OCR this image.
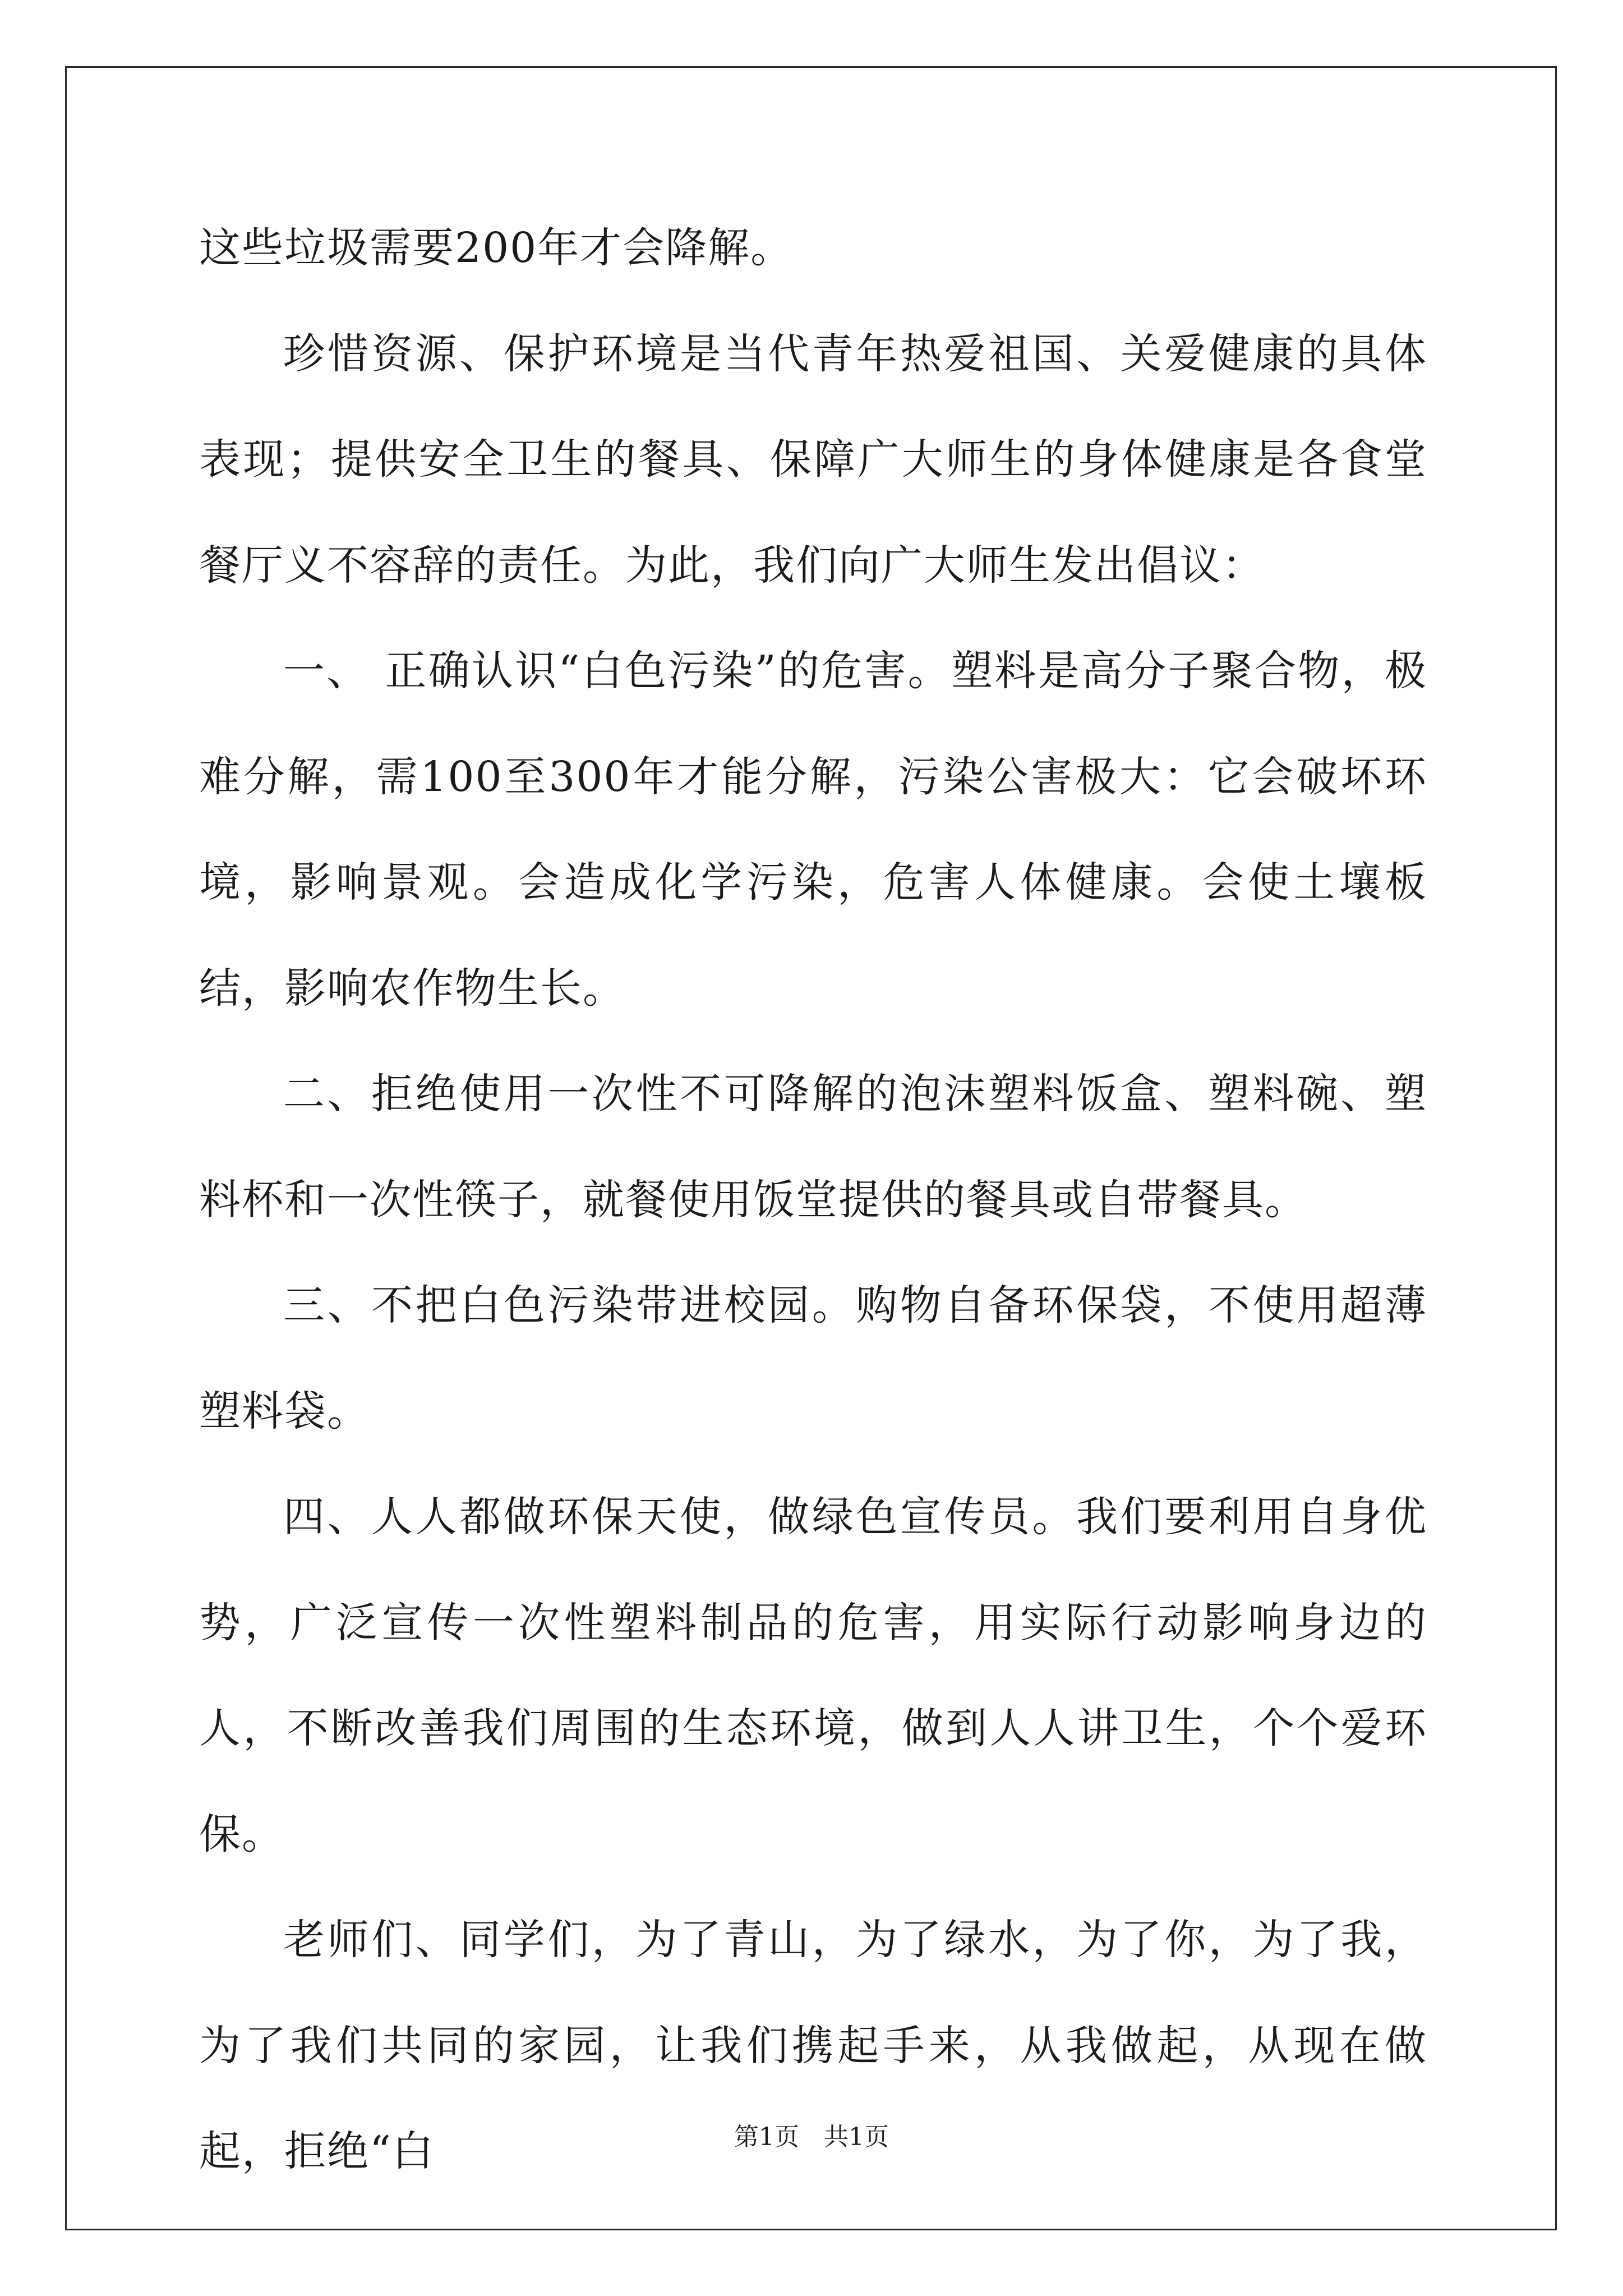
这些垃圾需要200年才会降解。

珍惜资源、保护环境是当代青年热爱祖国、关爱健康的具体表现；提供安全卫生的餐具、保障广大师生的身体健康是各食堂餐厅义不容辞的责任。为此，我们向广大师生发出倡议：

一、 正确认识“白色污染”的危害。塑料是高分子聚合物，极难分解，需100至300年才能分解，污染公害极大：它会破坏环境，影响景观。会造成化学污染，危害人体健康。会使土壤板结，影响农作物生长。

二、拒绝使用一次性不可降解的泡沫塑料饭盒、塑料碗、塑料杯和一次性筷子，就餐使用饭堂提供的餐具或自带餐具。

三、不把白色污染带进校园。购物自备环保袋，不使用超薄塑料袋。

四、人人都做环保天使，做绿色宣传员。我们要利用自身优势，广泛宣传一次性塑料制品的危害，用实际行动影响身边的人，不断改善我们周围的生态环境，做到人人讲卫生，个个爱环保。

老师们、同学们，为了青山，为了绿水，为了你，为了我，为了我们共同的家园，让我们携起手来，从我做起，从现在做起，拒绝“白	第1页 共1页
